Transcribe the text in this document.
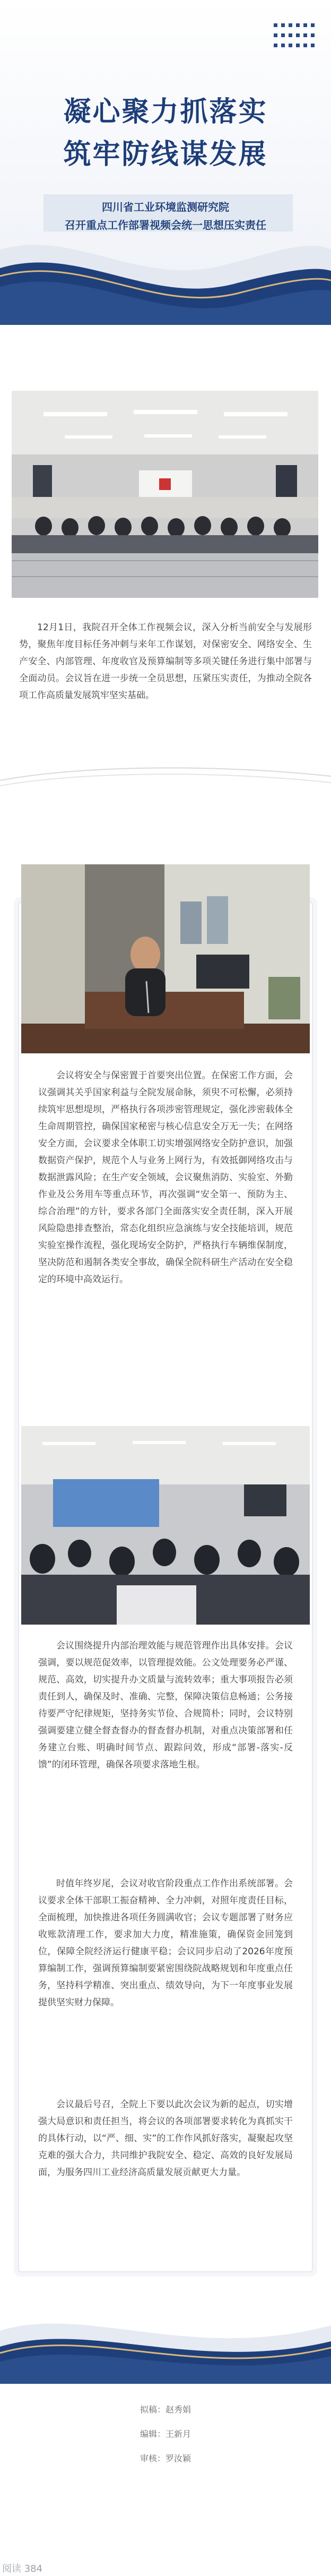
凝心聚力抓落实
筑牢防线谋发展
四川省工业环境监测研究院
召开重点工作部署视频会统一思想压实责任
12月1日，我院召开全体工作视频会议，深入分析当前安全与发展形势，聚焦年度目标任务冲刺与来年工作谋划，对保密安全、网络安全、生产安全、内部管理、年度收官及预算编制等多项关键任务进行集中部署与全面动员。会议旨在进一步统一全员思想，压紧压实责任，为推动全院各项工作高质量发展筑牢坚实基础。
会议将安全与保密置于首要突出位置。在保密工作方面，会议强调其关乎国家利益与全院发展命脉，须臾不可松懈，必须持续筑牢思想堤坝，严格执行各项涉密管理规定，强化涉密载体全生命周期管控，确保国家秘密与核心信息安全万无一失；在网络安全方面，会议要求全体职工切实增强网络安全防护意识，加强数据资产保护，规范个人与业务上网行为，有效抵御网络攻击与数据泄露风险；在生产安全领域，会议聚焦消防、实验室、外勤作业及公务用车等重点环节，再次强调“安全第一、预防为主、综合治理”的方针，要求各部门全面落实安全责任制，深入开展风险隐患排查整治，常态化组织应急演练与安全技能培训，规范实验室操作流程，强化现场安全防护，严格执行车辆维保制度，坚决防范和遏制各类安全事故，确保全院科研生产活动在安全稳定的环境中高效运行。
会议围绕提升内部治理效能与规范管理作出具体安排。会议强调，要以规范促效率，以管理提效能。公文处理要务必严谨、规范、高效，切实提升办文质量与流转效率；重大事项报告必须责任到人，确保及时、准确、完整，保障决策信息畅通；公务接待要严守纪律规矩，坚持务实节俭、合规简朴；同时，会议特别强调要建立健全督查督办的督查督办机制，对重点决策部署和任务建立台账、明确时间节点、跟踪问效，形成“部署-落实-反馈”的闭环管理，确保各项要求落地生根。
时值年终岁尾，会议对收官阶段重点工作作出系统部署。会议要求全体干部职工振奋精神、全力冲刺，对照年度责任目标，全面梳理，加快推进各项任务圆满收官；会议专题部署了财务应收账款清理工作，要求加大力度，精准施策，确保资金回笼到位，保障全院经济运行健康平稳；会议同步启动了2026年度预算编制工作，强调预算编制要紧密围绕院战略规划和年度重点任务，坚持科学精准、突出重点、绩效导向，为下一年度事业发展提供坚实财力保障。
会议最后号召，全院上下要以此次会议为新的起点，切实增强大局意识和责任担当，将会议的各项部署要求转化为真抓实干的具体行动，以“严、细、实”的工作作风抓好落实，凝聚起攻坚克难的强大合力，共同维护我院安全、稳定、高效的良好发展局面，为服务四川工业经济高质量发展贡献更大力量。
拟稿：赵秀娟
编辑：王新月
审核：罗汝颖
阅读 384
